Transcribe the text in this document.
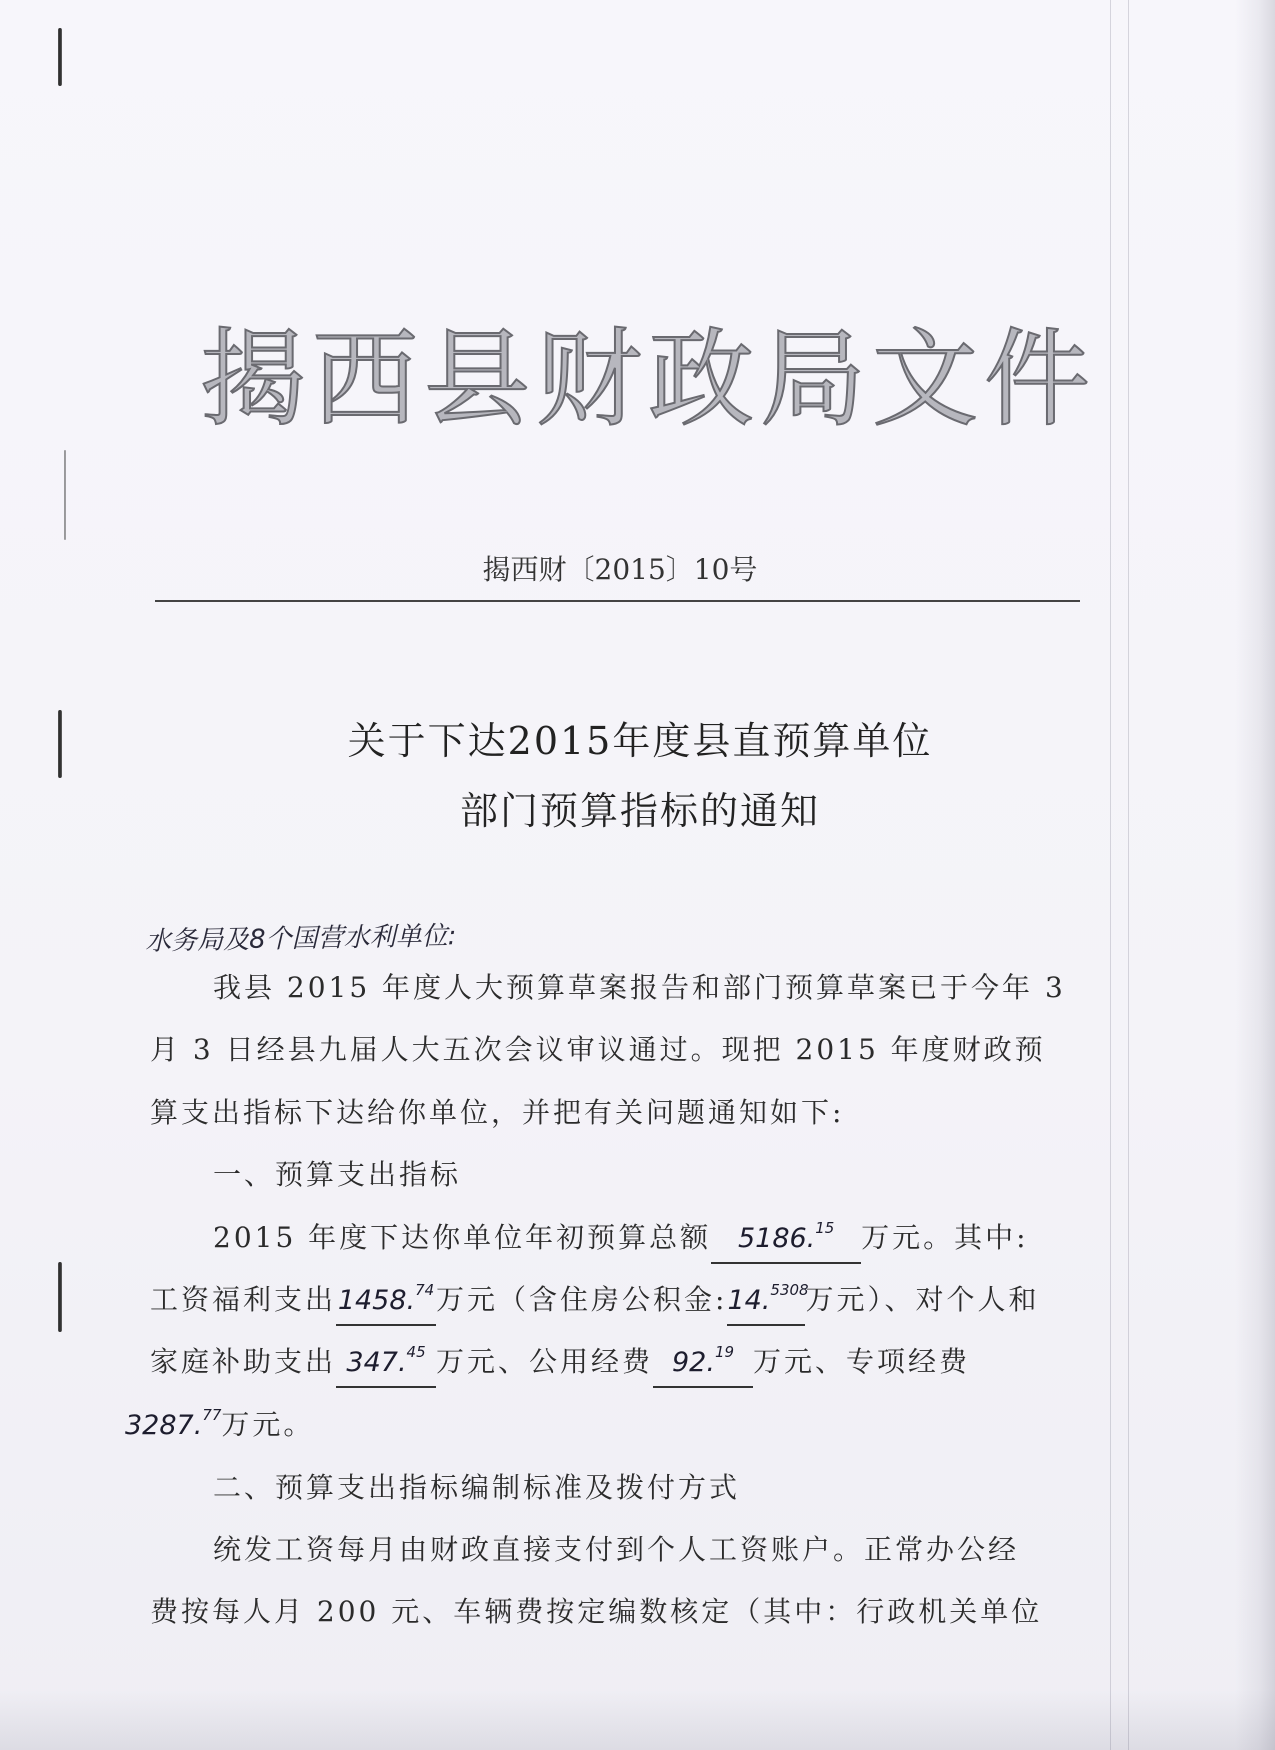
揭西县财政局文件
揭西财〔2015〕10号
关于下达2015年度县直预算单位
部门预算指标的通知
水务局及8个国营水利单位:
我县 2015 年度人大预算草案报告和部门预算草案已于今年 3
月 3 日经县九届人大五次会议审议通过。现把 2015 年度财政预
算支出指标下达给你单位，并把有关问题通知如下:
一、预算支出指标
2015 年度下达你单位年初预算总额 5186.15 万元。其中:
工资福利支出1458.74万元（含住房公积金:14.$^{5308}$万元）、对个人和
家庭补助支出 347.45 万元、公用经费 92.19 万元、专项经费
3287.77万元。
二、预算支出指标编制标准及拨付方式
统发工资每月由财政直接支付到个人工资账户。正常办公经
费按每人月 200 元、车辆费按定编数核定（其中：行政机关单位
